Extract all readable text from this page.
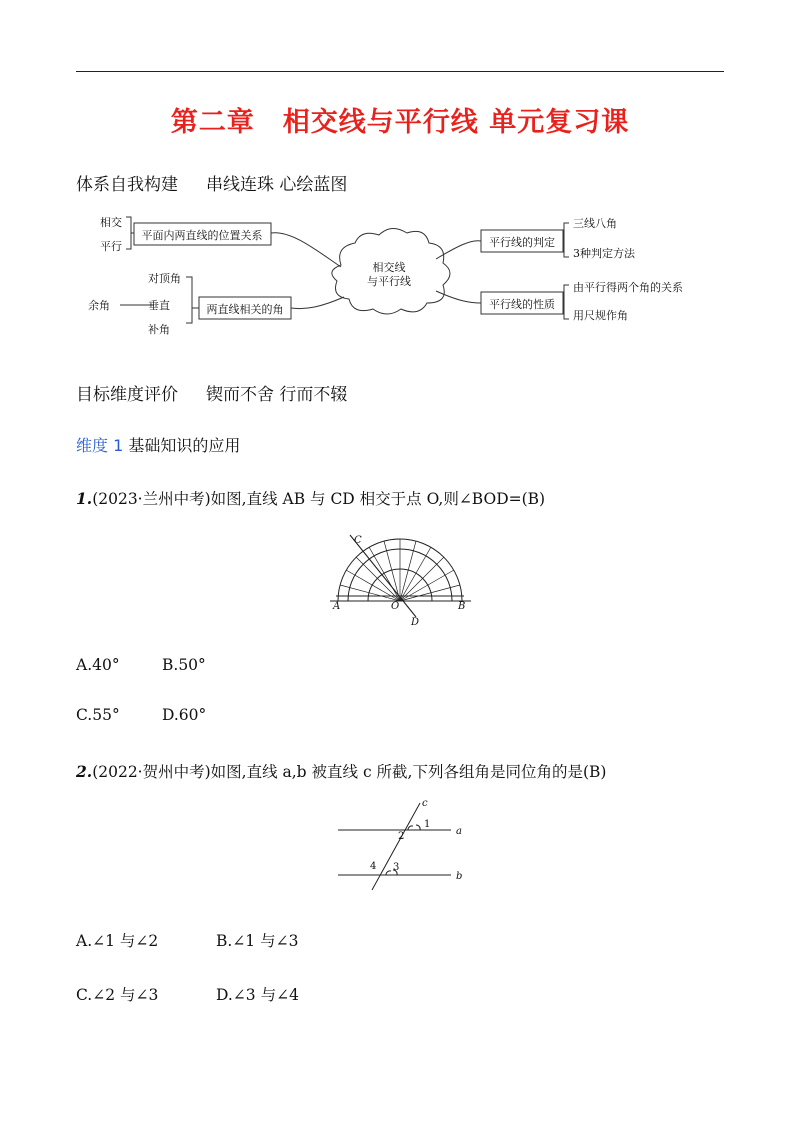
第二章　相交线与平行线 单元复习课
体系自我构建 串线连珠 心绘蓝图
相交线
与平行线
平面内两直线的位置关系
相交
平行
两直线相关的角
对顶角
垂直
补角
余角
平行线的判定
三线八角
3种判定方法
平行线的性质
由平行得两个角的关系
用尺规作角
目标维度评价 锲而不舍 行而不辍
维度 1 基础知识的应用
1.(2023·兰州中考)如图,直线 AB 与 CD 相交于点 O,则∠BOD=(B)
C
A	O	B
D
A.40°	B.50°
C.55°	D.60°
2.(2022·贺州中考)如图,直线 a,b 被直线 c 所截,下列各组角是同位角的是(B)
c
a
b
1
2
3
4
A.∠1 与∠2	B.∠1 与∠3
C.∠2 与∠3	D.∠3 与∠4
